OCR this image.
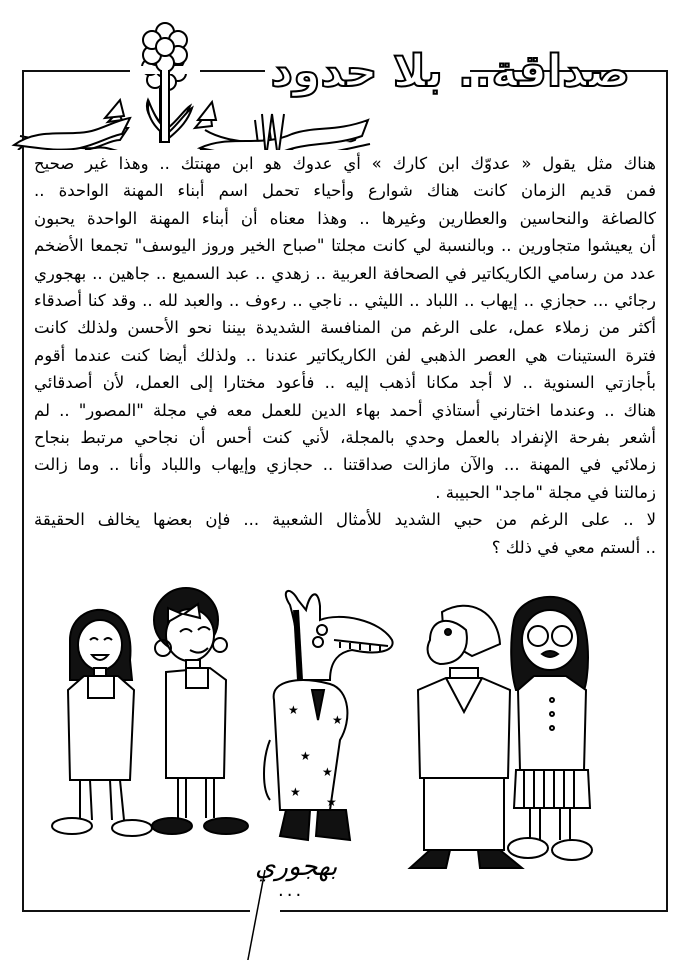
صداقة.. بلا حدود
هناك مثل يقول « عدوّك ابن كارك » أي عدوك هو ابن مهنتك .. وهذا غير صحيح
فمن قديم الزمان كانت هناك شوارع وأحياء تحمل اسم أبناء المهنة الواحدة ..
كالصاغة والنحاسين والعطارين وغيرها .. وهذا معناه أن أبناء المهنة الواحدة يحبون
أن يعيشوا متجاورين .. وبالنسبة لي كانت مجلتا "صباح الخير وروز اليوسف" تجمعا الأضخم
عدد من رسامي الكاريكاتير في الصحافة العربية .. زهدي .. عبد السميع .. جاهين .. بهجوري
رجائي ... حجازي .. إيهاب .. اللباد .. الليثي .. ناجي .. رءوف .. والعبد لله .. وقد كنا أصدقاء
أكثر من زملاء عمل، على الرغم من المنافسة الشديدة بيننا نحو الأحسن ولذلك كانت
فترة الستينات هي العصر الذهبي لفن الكاريكاتير عندنا .. ولذلك أيضا كنت عندما أقوم
بأجازتي السنوية .. لا أجد مكانا أذهب إليه .. فأعود مختارا إلى العمل، لأن أصدقائي
هناك .. وعندما اختارني أستاذي أحمد بهاء الدين للعمل معه في مجلة "المصور" .. لم
أشعر بفرحة الإنفراد بالعمل وحدي بالمجلة، لأني كنت أحس أن نجاحي مرتبط بنجاح
زملائي في المهنة ... والآن مازالت صداقتنا .. حجازي وإيهاب واللباد وأنا .. وما زالت
زمالتنا في مجلة "ماجد" الحبيبة .
لا .. على الرغم من حبي الشديد للأمثال الشعبية ... فإن بعضها يخالف الحقيقة
.. ألستم معي في ذلك ؟
★
★
★
★
★
★
بهجوري
...
